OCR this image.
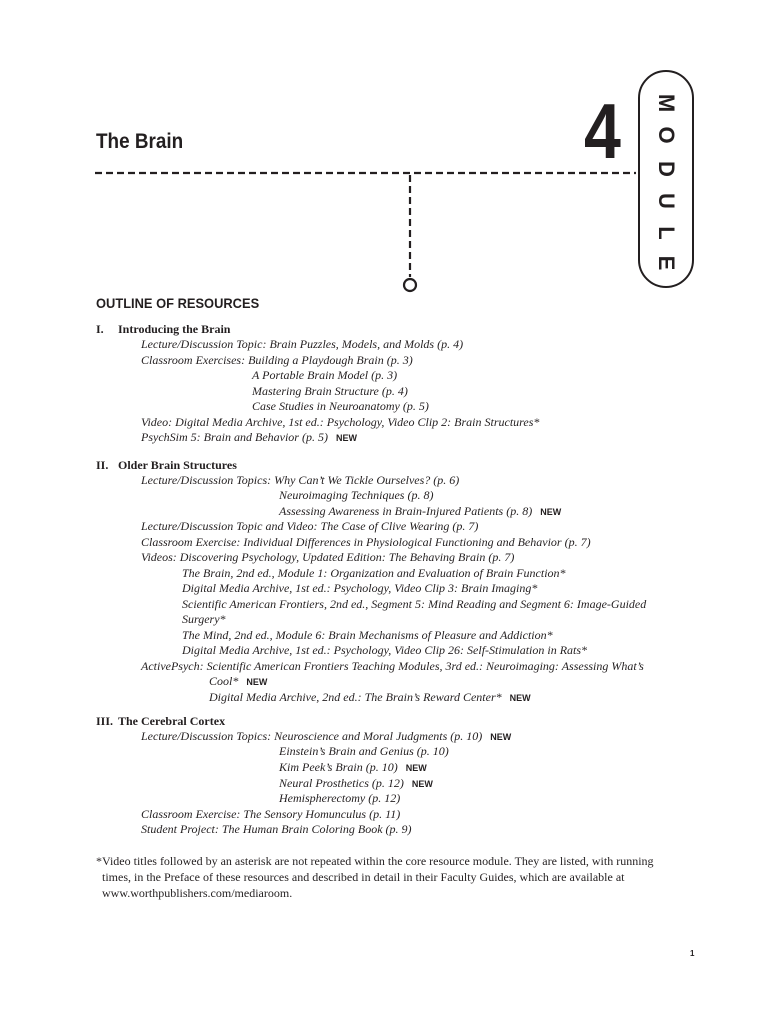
The Brain	4 M
O
D
U
L
E
OUTLINE OF RESOURCES
I. Introducing the Brain
Lecture/Discussion Topic: Brain Puzzles, Models, and Molds (p. 4)
Classroom Exercises: Building a Playdough Brain (p. 3)
A Portable Brain Model (p. 3)
Mastering Brain Structure (p. 4)
Case Studies in Neuroanatomy (p. 5)
Video: Digital Media Archive, 1st ed.: Psychology, Video Clip 2: Brain Structures*
PsychSim 5: Brain and Behavior (p. 5) NEW
II. Older Brain Structures
Lecture/Discussion Topics: Why Can’t We Tickle Ourselves? (p. 6)
Neuroimaging Techniques (p. 8)
Assessing Awareness in Brain-Injured Patients (p. 8) NEW
Lecture/Discussion Topic and Video: The Case of Clive Wearing (p. 7)
Classroom Exercise: Individual Differences in Physiological Functioning and Behavior (p. 7)
Videos: Discovering Psychology, Updated Edition: The Behaving Brain (p. 7)
The Brain, 2nd ed., Module 1: Organization and Evaluation of Brain Function*
Digital Media Archive, 1st ed.: Psychology, Video Clip 3: Brain Imaging*
Scientific American Frontiers, 2nd ed., Segment 5: Mind Reading and Segment 6: Image-Guided
Surgery*
The Mind, 2nd ed., Module 6: Brain Mechanisms of Pleasure and Addiction*
Digital Media Archive, 1st ed.: Psychology, Video Clip 26: Self-Stimulation in Rats*
ActivePsych: Scientific American Frontiers Teaching Modules, 3rd ed.: Neuroimaging: Assessing What’s
Cool* NEW
Digital Media Archive, 2nd ed.: The Brain’s Reward Center* NEW
III. The Cerebral Cortex
Lecture/Discussion Topics: Neuroscience and Moral Judgments (p. 10) NEW
Einstein’s Brain and Genius (p. 10)
Kim Peek’s Brain (p. 10) NEW
Neural Prosthetics (p. 12) NEW
Hemispherectomy (p. 12)
Classroom Exercise: The Sensory Homunculus (p. 11)
Student Project: The Human Brain Coloring Book (p. 9)
*Video titles followed by an asterisk are not repeated within the core resource module. They are listed, with running
times, in the Preface of these resources and described in detail in their Faculty Guides, which are available at
www.worthpublishers.com/mediaroom.
1
